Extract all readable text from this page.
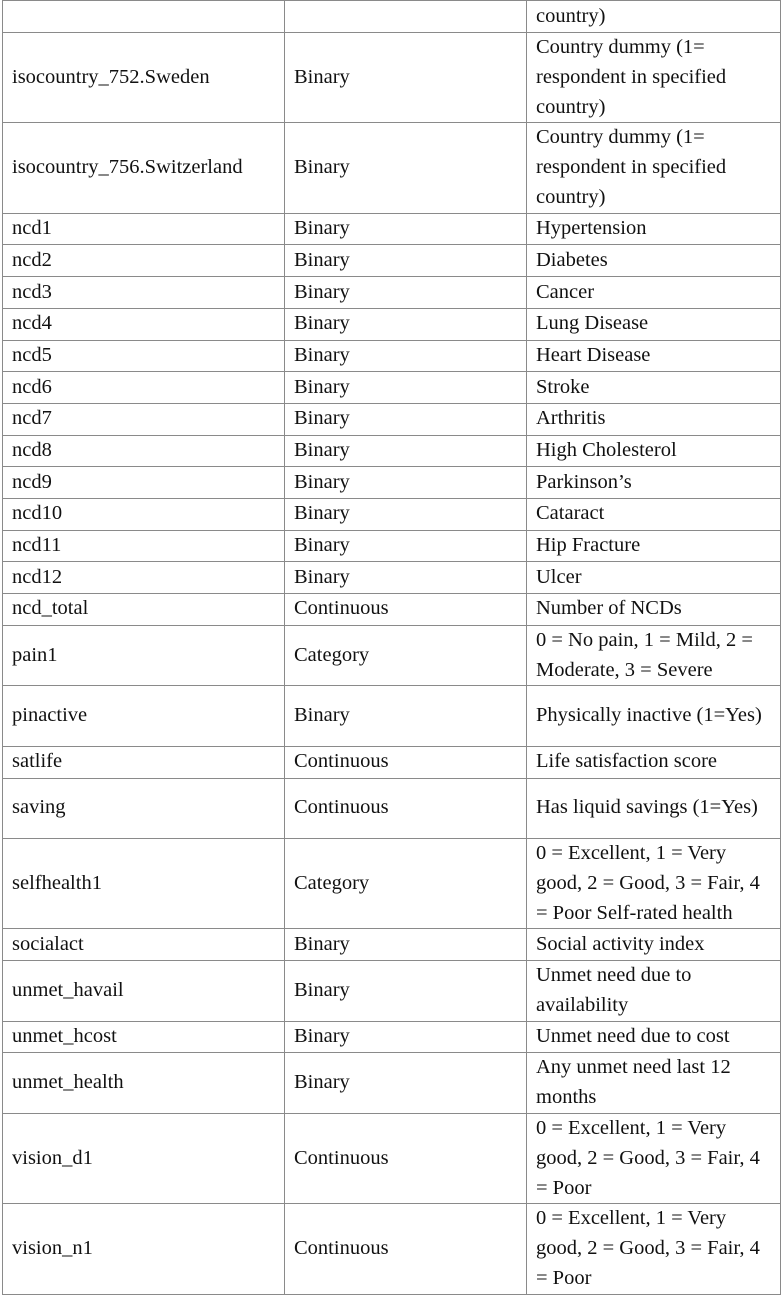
		country)
isocountry_752.Sweden	Binary	Country dummy (1= respondent in specified country)
isocountry_756.Switzerland	Binary	Country dummy (1= respondent in specified country)
ncd1	Binary	Hypertension
ncd2	Binary	Diabetes
ncd3	Binary	Cancer
ncd4	Binary	Lung Disease
ncd5	Binary	Heart Disease
ncd6	Binary	Stroke
ncd7	Binary	Arthritis
ncd8	Binary	High Cholesterol
ncd9	Binary	Parkinson’s
ncd10	Binary	Cataract
ncd11	Binary	Hip Fracture
ncd12	Binary	Ulcer
ncd_total	Continuous	Number of NCDs
pain1	Category	0 = No pain, 1 = Mild, 2 = Moderate, 3 = Severe
pinactive	Binary	Physically inactive (1=Yes)
satlife	Continuous	Life satisfaction score
saving	Continuous	Has liquid savings (1=Yes)
selfhealth1	Category	0 = Excellent, 1 = Very good, 2 = Good, 3 = Fair, 4 = Poor Self-rated health
socialact	Binary	Social activity index
unmet_havail	Binary	Unmet need due to availability
unmet_hcost	Binary	Unmet need due to cost
unmet_health	Binary	Any unmet need last 12 months
vision_d1	Continuous	0 = Excellent, 1 = Very good, 2 = Good, 3 = Fair, 4 = Poor
vision_n1	Continuous	0 = Excellent, 1 = Very good, 2 = Good, 3 = Fair, 4 = Poor
